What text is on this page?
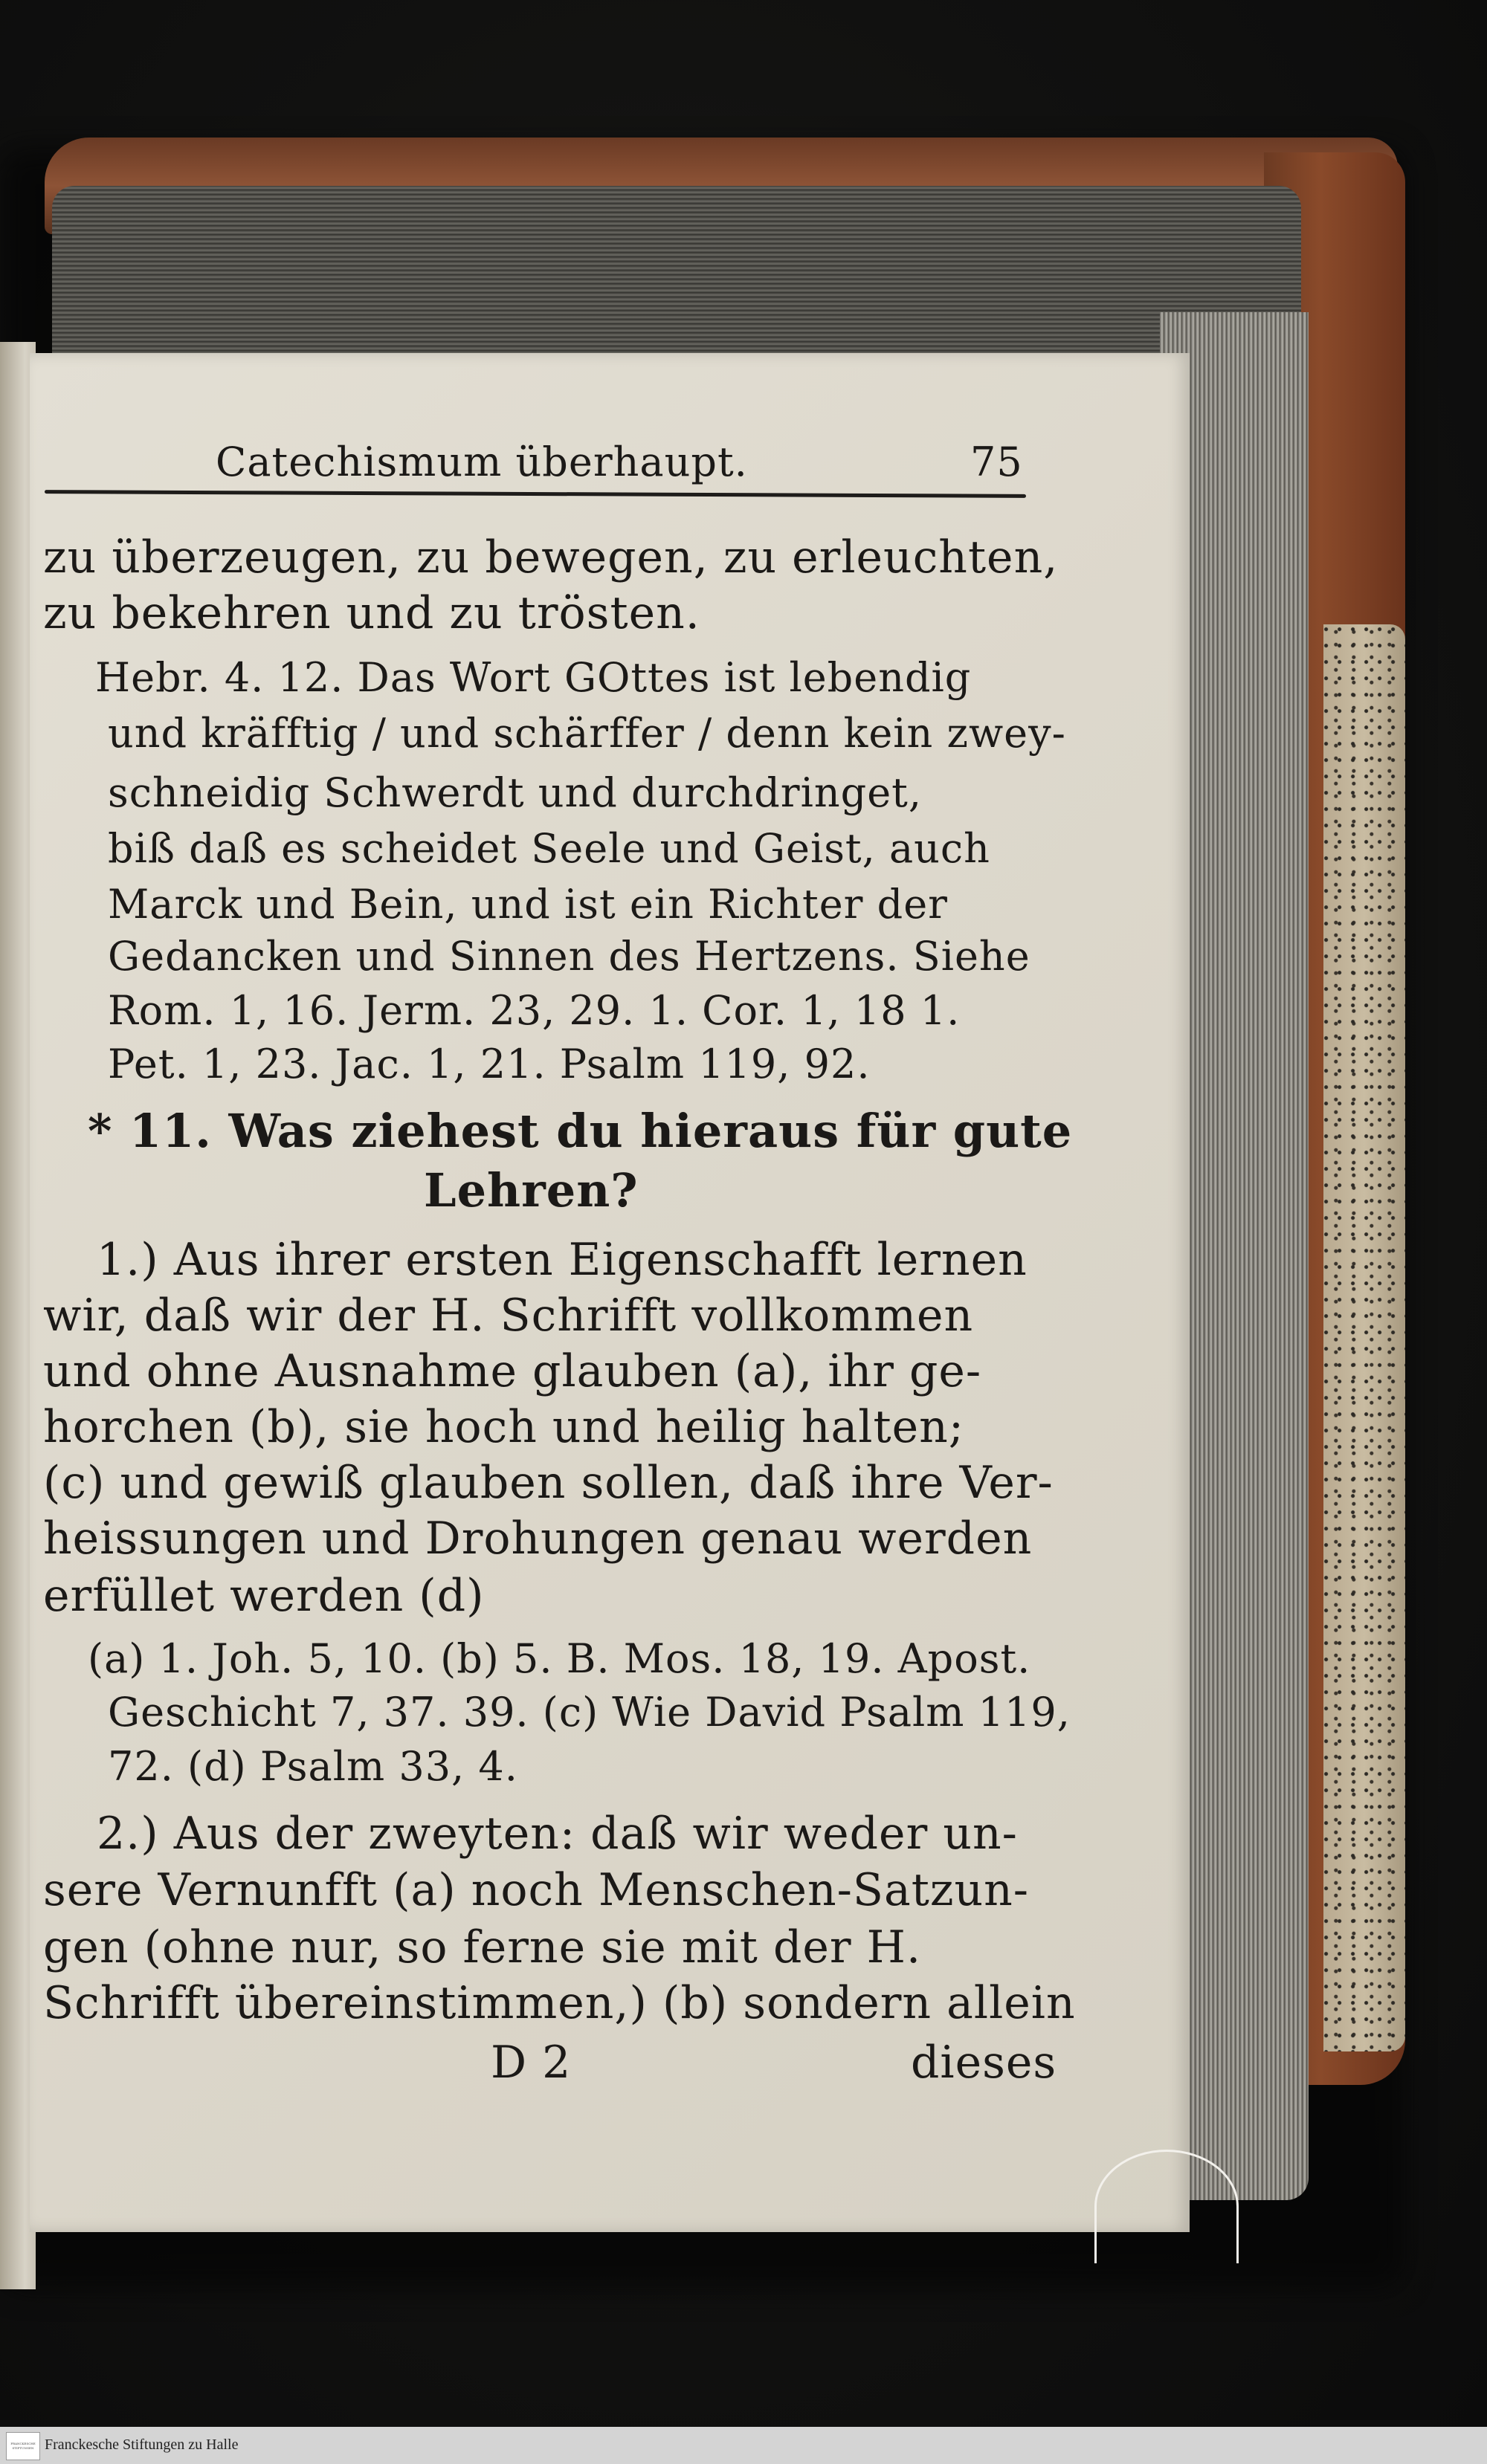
Catechismum überhaupt.	75
zu überzeugen, zu bewegen, zu erleuchten,
zu bekehren und zu trösten.
Hebr. 4. 12. Das Wort GOttes ist lebendig
und kräfftig / und schärffer / denn kein zwey-
schneidig Schwerdt und durchdringet,
biß daß es scheidet Seele und Geist, auch
Marck und Bein, und ist ein Richter der
Gedancken und Sinnen des Hertzens. Siehe
Rom. 1, 16. Jerm. 23, 29. 1. Cor. 1, 18 1.
Pet. 1, 23. Jac. 1, 21. Psalm 119, 92.
* 11. Was ziehest du hieraus für gute
Lehren?
1.) Aus ihrer ersten Eigenschafft lernen
wir, daß wir der H. Schrifft vollkommen
und ohne Ausnahme glauben (a), ihr ge-
horchen (b), sie hoch und heilig halten;
(c) und gewiß glauben sollen, daß ihre Ver-
heissungen und Drohungen genau werden
erfüllet werden (d)
(a) 1. Joh. 5, 10. (b) 5. B. Mos. 18, 19. Apost.
Geschicht 7, 37. 39. (c) Wie David Psalm 119,
72. (d) Psalm 33, 4.
2.) Aus der zweyten: daß wir weder un-
sere Vernunfft (a) noch Menschen-Satzun-
gen (ohne nur, so ferne sie mit der H.
Schrifft übereinstimmen,) (b) sondern allein
D 2	dieses
FRANCKESCHE STIFTUNGEN Franckesche Stiftungen zu Halle
